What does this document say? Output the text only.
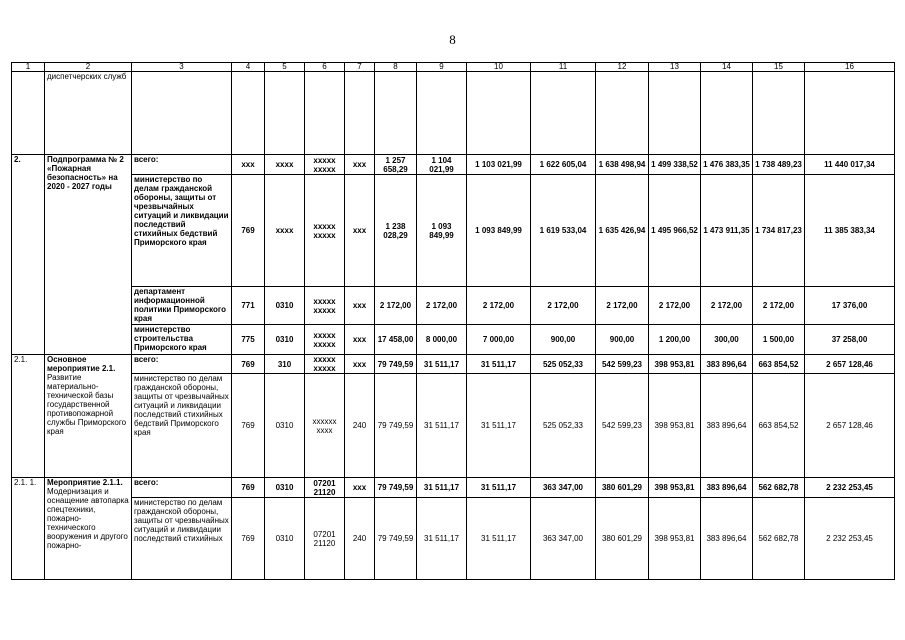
8
1	2	3	4	5	6	7	8	9	10	11	12	13	14	15	16
	диспетчерских служб														
2.	Подпрограмма № 2 «Пожарная безопасность» на 2020 - 2027 годы	всего:	ххх	хххх	ххххх ххххх	ххх	1 257 658,29	1 104 021,99	1 103 021,99	1 622 605,04	1 638 498,94	1 499 338,52	1 476 383,35	1 738 489,23	11 440 017,34
		министерство по делам гражданской обороны, защиты от чрезвычайных ситуаций и ликвидации последствий стихийных бедствий Приморского края	769	хххх	ххххх ххххх	ххх	1 238 028,29	1 093 849,99	1 093 849,99	1 619 533,04	1 635 426,94	1 495 966,52	1 473 911,35	1 734 817,23	11 385 383,34
		департамент информационной политики Приморского края	771	0310	ххххх ххххх	ххх	2 172,00	2 172,00	2 172,00	2 172,00	2 172,00	2 172,00	2 172,00	2 172,00	17 376,00
		министерство строительства Приморского края	775	0310	ххххх ххххх	ххх	17 458,00	8 000,00	7 000,00	900,00	900,00	1 200,00	300,00	1 500,00	37 258,00
2.1.	Основное мероприятие 2.1.
Развитие материально-технической базы государственной противопожарной службы Приморского края	всего:	769	310	ххххх ххххх	ххх	79 749,59	31 511,17	31 511,17	525 052,33	542 599,23	398 953,81	383 896,64	663 854,52	2 657 128,46
		министерство по делам гражданской обороны, защиты от чрезвычайных ситуаций и ликвидации последствий стихийных бедствий Приморского края	769	0310	хххххх хххх	240	79 749,59	31 511,17	31 511,17	525 052,33	542 599,23	398 953,81	383 896,64	663 854,52	2 657 128,46
2.1. 1.	Мероприятие 2.1.1.
Модернизация и оснащение автопарка спецтехники, пожарно-технического вооружения и другого пожарно-	всего:	769	0310	07201 21120	ххх	79 749,59	31 511,17	31 511,17	363 347,00	380 601,29	398 953,81	383 896,64	562 682,78	2 232 253,45
		министерство по делам гражданской обороны, защиты от чрезвычайных ситуаций и ликвидации последствий стихийных	769	0310	07201 21120	240	79 749,59	31 511,17	31 511,17	363 347,00	380 601,29	398 953,81	383 896,64	562 682,78	2 232 253,45
